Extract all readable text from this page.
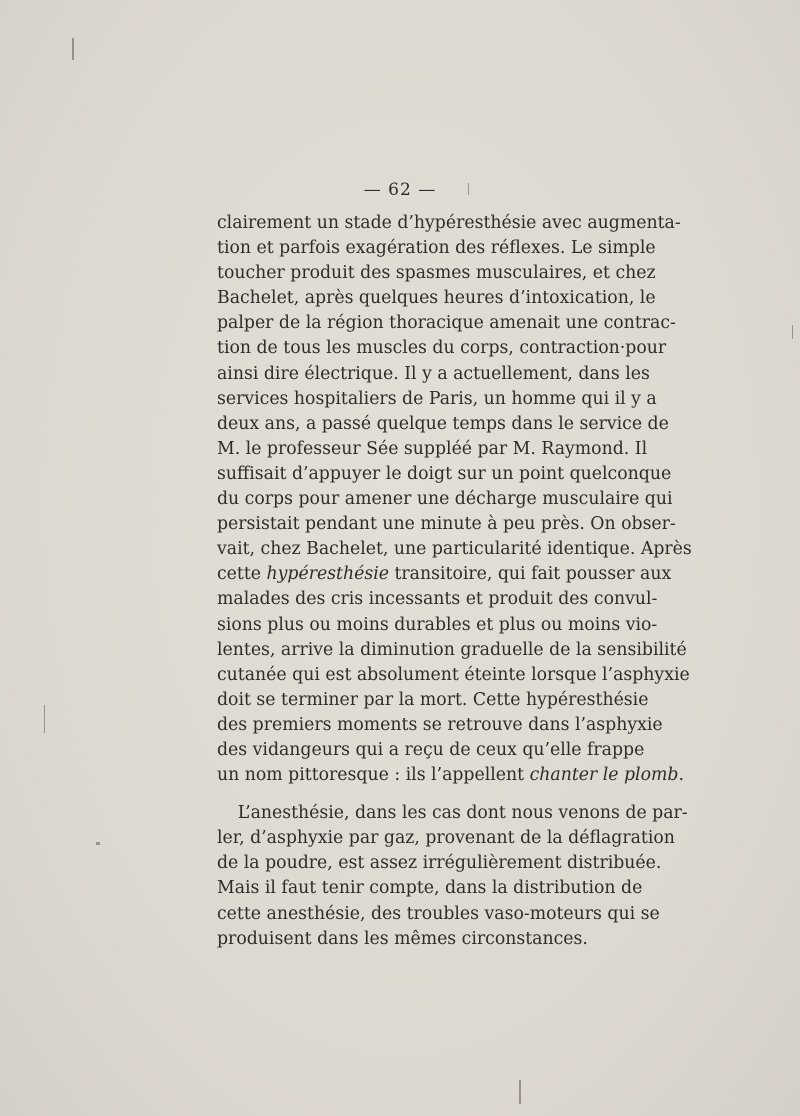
— 62 —
clairement un stade d’hypéresthésie avec augmenta-
tion et parfois exagération des réflexes. Le simple
toucher produit des spasmes musculaires, et chez
Bachelet, après quelques heures d’intoxication, le
palper de la région thoracique amenait une contrac-
tion de tous les muscles du corps, contraction·pour
ainsi dire électrique. Il y a actuellement, dans les
services hospitaliers de Paris, un homme qui il y a
deux ans, a passé quelque temps dans le service de
M. le professeur Sée suppléé par M. Raymond. Il
suffisait d’appuyer le doigt sur un point quelconque
du corps pour amener une décharge musculaire qui
persistait pendant une minute à peu près. On obser-
vait, chez Bachelet, une particularité identique. Après
cette hypéresthésie transitoire, qui fait pousser aux
malades des cris incessants et produit des convul-
sions plus ou moins durables et plus ou moins vio-
lentes, arrive la diminution graduelle de la sensibilité
cutanée qui est absolument éteinte lorsque l’asphyxie
doit se terminer par la mort. Cette hypéresthésie
des premiers moments se retrouve dans l’asphyxie
des vidangeurs qui a reçu de ceux qu’elle frappe
un nom pittoresque : ils l’appellent chanter le plomb.
L’anesthésie, dans les cas dont nous venons de par-
ler, d’asphyxie par gaz, provenant de la déflagration
de la poudre, est assez irrégulièrement distribuée.
Mais il faut tenir compte, dans la distribution de
cette anesthésie, des troubles vaso-moteurs qui se
produisent dans les mêmes circonstances.
